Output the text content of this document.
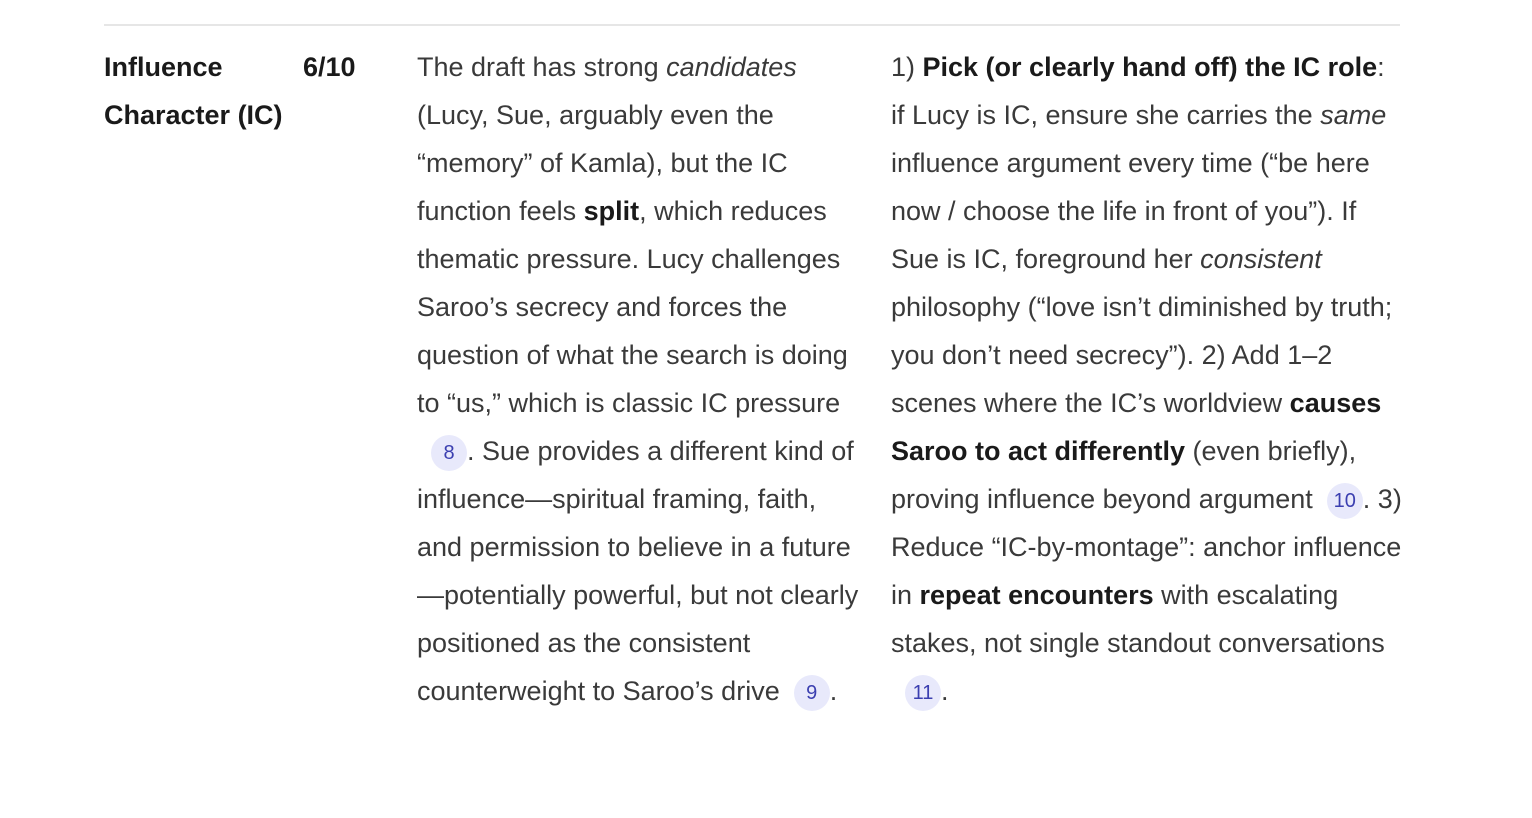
Influence Character (IC)
6/10	The draft has strong candidates (Lucy, Sue, arguably even the “memory” of Kamla), but the IC function feels split, which reduces thematic pressure. Lucy challenges Saroo’s secrecy and forces the question of what the search is doing to “us,” which is classic IC pressure8 . Sue provides a different kind of influence—spiritual framing, faith, and permission to believe in a future—potentially powerful, but not clearly positioned as the consistent counterweight to Saroo’s drive 9 .
1) Pick (or clearly hand off) the IC role: if Lucy is IC, ensure she carries the same influence argument every time (“be here now / choose the life in front of you”). If Sue is IC, foreground her consistent philosophy (“love isn’t diminished by truth; you don’t need secrecy”). 2) Add 1–2 scenes where the IC’s worldview causes Saroo to act differently (even briefly), proving influence beyond argument 10 . 3) Reduce “IC-by-montage”: anchor influence in repeat encounters with escalating stakes, not single standout conversations11 .
